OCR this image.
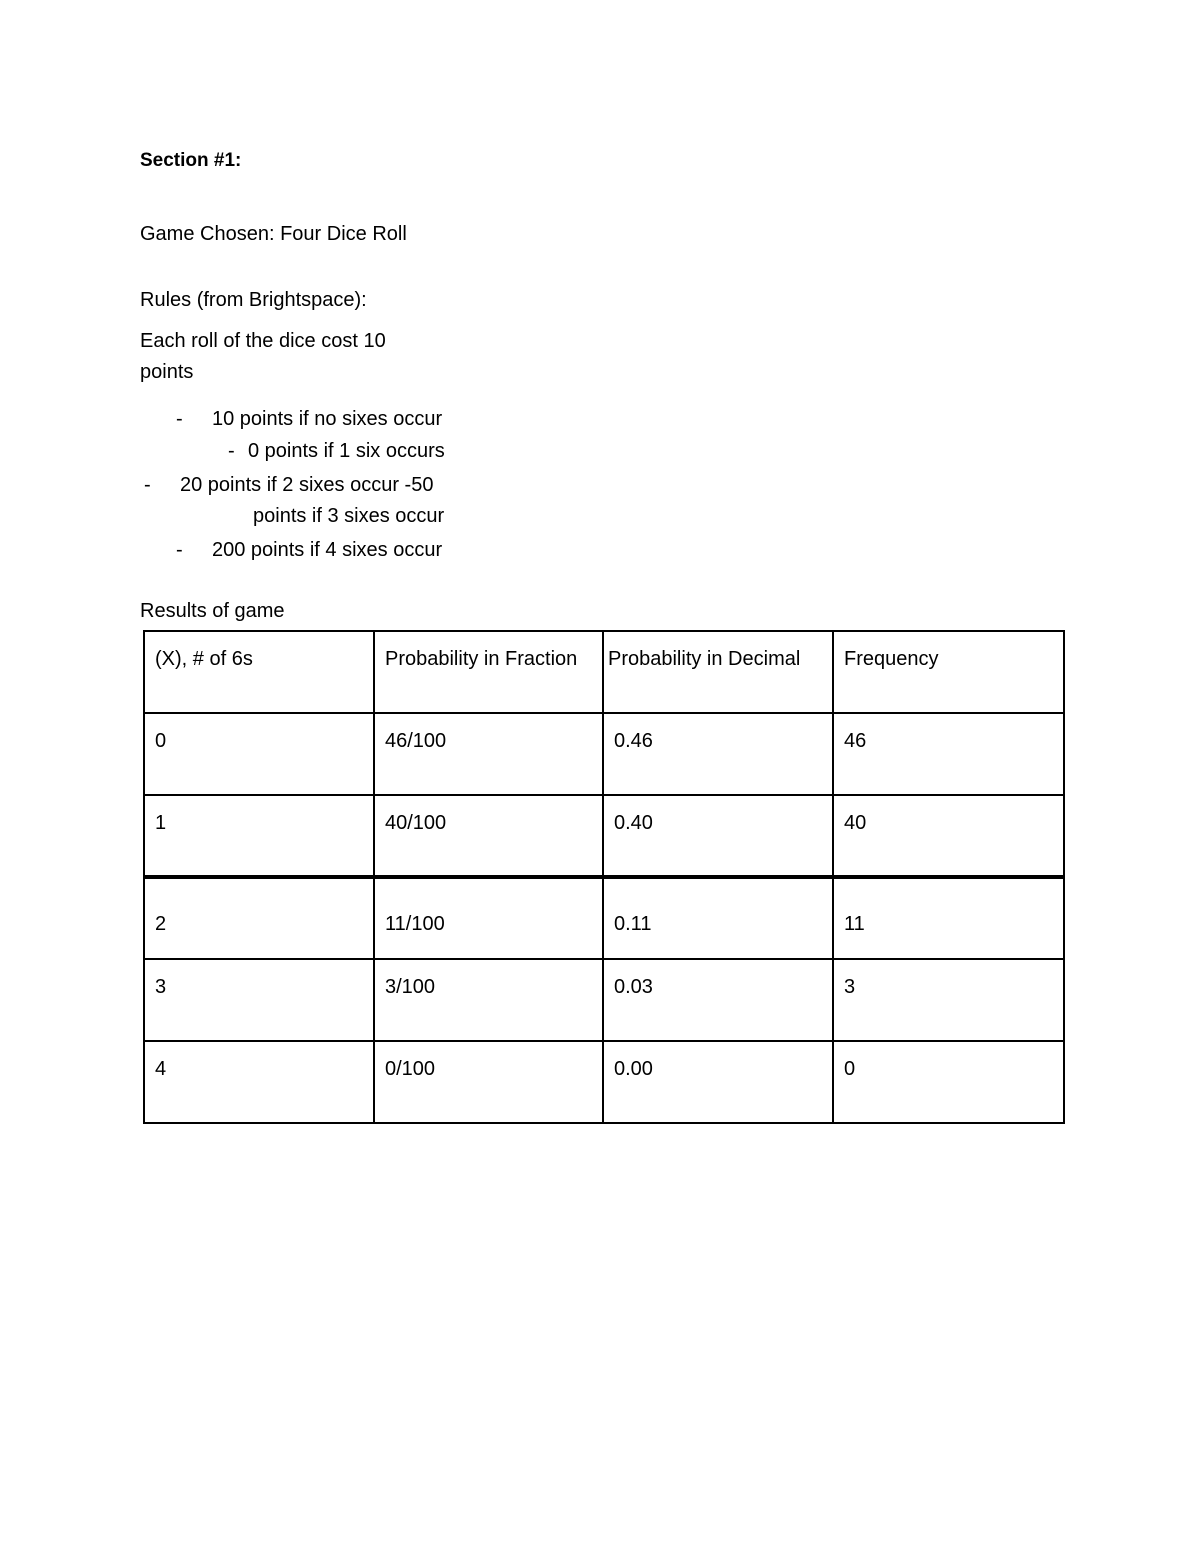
Section #1:
Game Chosen: Four Dice Roll
Rules (from Brightspace):
Each roll of the dice cost 10
points
- 10 points if no sixes occur
- 0 points if 1 six occurs
- 20 points if 2 sixes occur -50
points if 3 sixes occur
- 200 points if 4 sixes occur
Results of game
(X), # of 6s	Probability in Fraction	Probability in Decimal	Frequency

0	46/100	0.46	46

1	40/100	0.40	40

2	11/100	0.11	11

3	3/100	0.03	3

4	0/100	0.00	0
